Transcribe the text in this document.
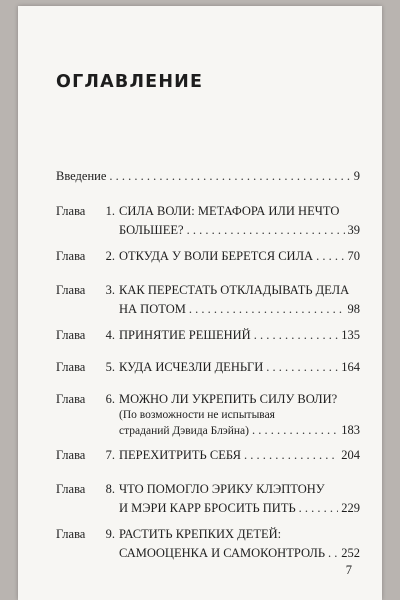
ОГЛАВЛЕНИЕ
Введение . . .	9
Глава	1. СИЛА ВОЛИ: МЕТАФОРА ИЛИ НЕЧТО
БОЛЬШЕЕ? . . .	39
Глава	2. ОТКУДА У ВОЛИ БЕРЕТСЯ СИЛА . . .	70
Глава	3. КАК ПЕРЕСТАТЬ ОТКЛАДЫВАТЬ ДЕЛА
НА ПОТОМ . . .	98
Глава	4. ПРИНЯТИЕ РЕШЕНИЙ . . .	135
Глава	5. КУДА ИСЧЕЗЛИ ДЕНЬГИ . . .	164
Глава	6. МОЖНО ЛИ УКРЕПИТЬ СИЛУ ВОЛИ?
(По возможности не испытывая
страданий Дэвида Блэйна) . . .	183
Глава	7. ПЕРЕХИТРИТЬ СЕБЯ . . .	204
Глава	8. ЧТО ПОМОГЛО ЭРИКУ КЛЭПТОНУ
И МЭРИ КАРР БРОСИТЬ ПИТЬ . . .	229
Глава	9. РАСТИТЬ КРЕПКИХ ДЕТЕЙ:
САМООЦЕНКА И САМОКОНТРОЛЬ . . . 252
7
